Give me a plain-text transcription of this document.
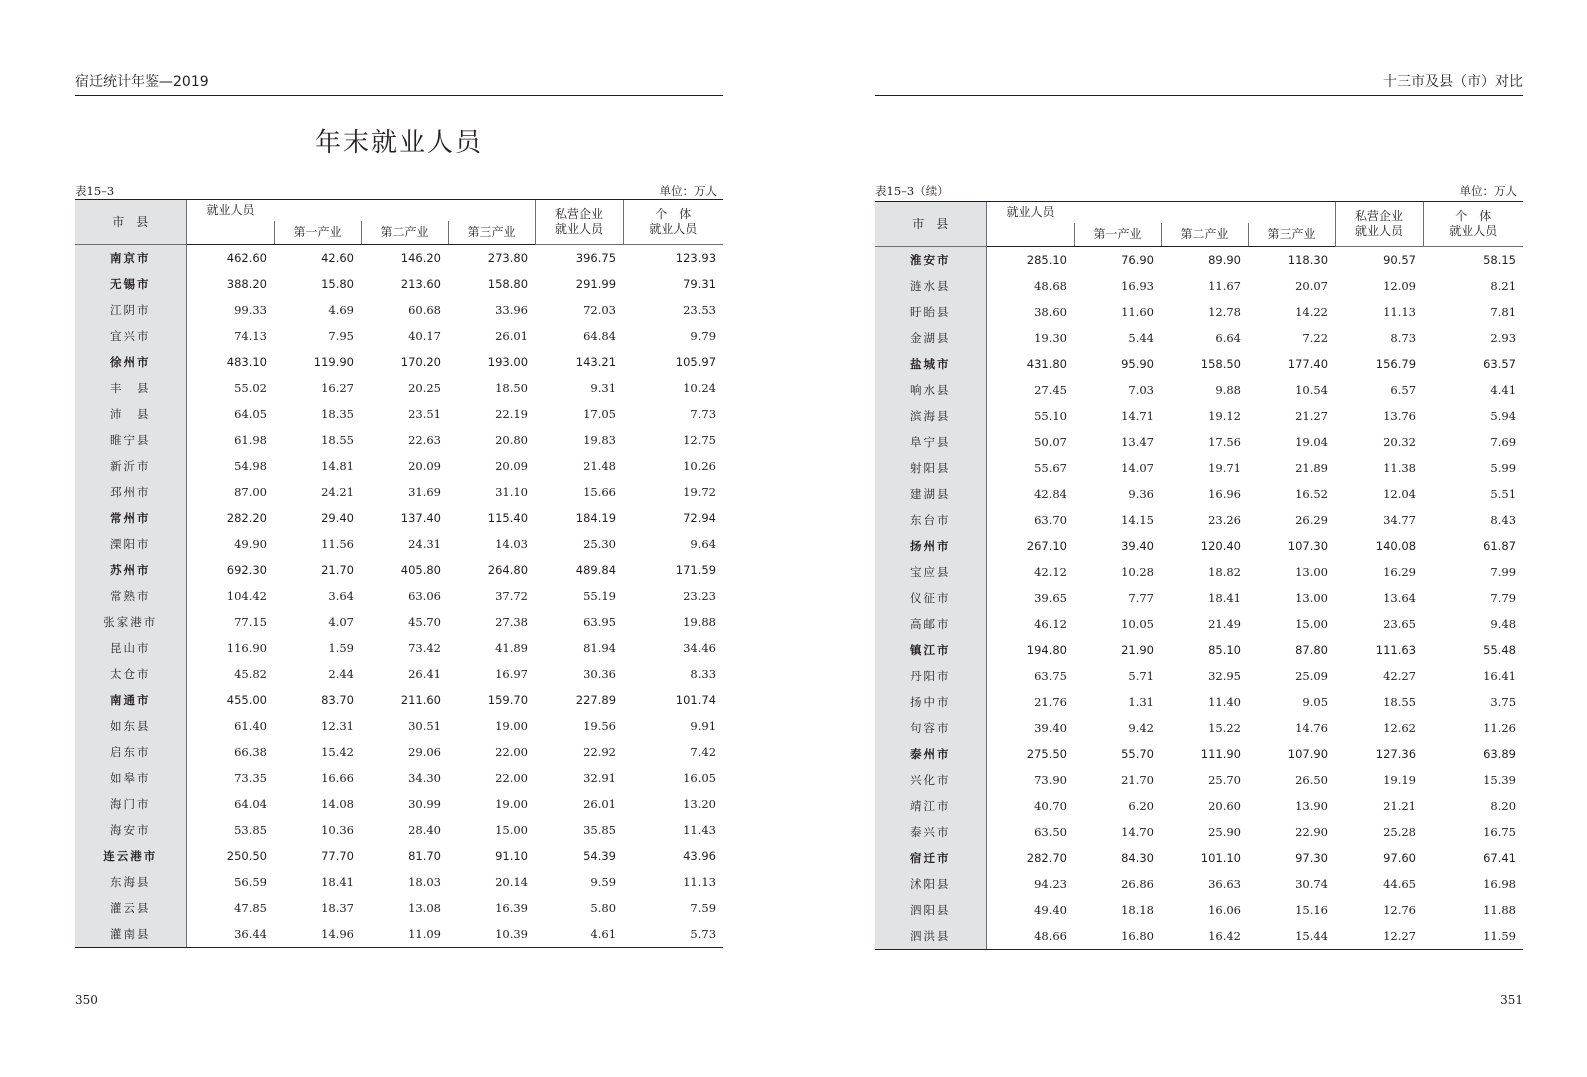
宿迁统计年鉴—2019
年末就业人员
表15–3	单位：万人
市　县	就业人员				私营企业
就业人员	个　体
就业人员
		第一产业	第二产业	第三产业		
南京市	462.60	42.60	146.20	273.80	396.75	123.93
无锡市	388.20	15.80	213.60	158.80	291.99	79.31
江阴市	99.33	4.69	60.68	33.96	72.03	23.53
宜兴市	74.13	7.95	40.17	26.01	64.84	9.79
徐州市	483.10	119.90	170.20	193.00	143.21	105.97
丰　县	55.02	16.27	20.25	18.50	9.31	10.24
沛　县	64.05	18.35	23.51	22.19	17.05	7.73
睢宁县	61.98	18.55	22.63	20.80	19.83	12.75
新沂市	54.98	14.81	20.09	20.09	21.48	10.26
邳州市	87.00	24.21	31.69	31.10	15.66	19.72
常州市	282.20	29.40	137.40	115.40	184.19	72.94
溧阳市	49.90	11.56	24.31	14.03	25.30	9.64
苏州市	692.30	21.70	405.80	264.80	489.84	171.59
常熟市	104.42	3.64	63.06	37.72	55.19	23.23
张家港市	77.15	4.07	45.70	27.38	63.95	19.88
昆山市	116.90	1.59	73.42	41.89	81.94	34.46
太仓市	45.82	2.44	26.41	16.97	30.36	8.33
南通市	455.00	83.70	211.60	159.70	227.89	101.74
如东县	61.40	12.31	30.51	19.00	19.56	9.91
启东市	66.38	15.42	29.06	22.00	22.92	7.42
如皋市	73.35	16.66	34.30	22.00	32.91	16.05
海门市	64.04	14.08	30.99	19.00	26.01	13.20
海安市	53.85	10.36	28.40	15.00	35.85	11.43
连云港市	250.50	77.70	81.70	91.10	54.39	43.96
东海县	56.59	18.41	18.03	20.14	9.59	11.13
灌云县	47.85	18.37	13.08	16.39	5.80	7.59
灌南县	36.44	14.96	11.09	10.39	4.61	5.73
350
十三市及县（市）对比
表15–3（续）	单位：万人
市　县	就业人员				私营企业
就业人员	个　体
就业人员
		第一产业	第二产业	第三产业		
淮安市	285.10	76.90	89.90	118.30	90.57	58.15
涟水县	48.68	16.93	11.67	20.07	12.09	8.21
盱眙县	38.60	11.60	12.78	14.22	11.13	7.81
金湖县	19.30	5.44	6.64	7.22	8.73	2.93
盐城市	431.80	95.90	158.50	177.40	156.79	63.57
响水县	27.45	7.03	9.88	10.54	6.57	4.41
滨海县	55.10	14.71	19.12	21.27	13.76	5.94
阜宁县	50.07	13.47	17.56	19.04	20.32	7.69
射阳县	55.67	14.07	19.71	21.89	11.38	5.99
建湖县	42.84	9.36	16.96	16.52	12.04	5.51
东台市	63.70	14.15	23.26	26.29	34.77	8.43
扬州市	267.10	39.40	120.40	107.30	140.08	61.87
宝应县	42.12	10.28	18.82	13.00	16.29	7.99
仪征市	39.65	7.77	18.41	13.00	13.64	7.79
高邮市	46.12	10.05	21.49	15.00	23.65	9.48
镇江市	194.80	21.90	85.10	87.80	111.63	55.48
丹阳市	63.75	5.71	32.95	25.09	42.27	16.41
扬中市	21.76	1.31	11.40	9.05	18.55	3.75
句容市	39.40	9.42	15.22	14.76	12.62	11.26
泰州市	275.50	55.70	111.90	107.90	127.36	63.89
兴化市	73.90	21.70	25.70	26.50	19.19	15.39
靖江市	40.70	6.20	20.60	13.90	21.21	8.20
泰兴市	63.50	14.70	25.90	22.90	25.28	16.75
宿迁市	282.70	84.30	101.10	97.30	97.60	67.41
沭阳县	94.23	26.86	36.63	30.74	44.65	16.98
泗阳县	49.40	18.18	16.06	15.16	12.76	11.88
泗洪县	48.66	16.80	16.42	15.44	12.27	11.59
351
